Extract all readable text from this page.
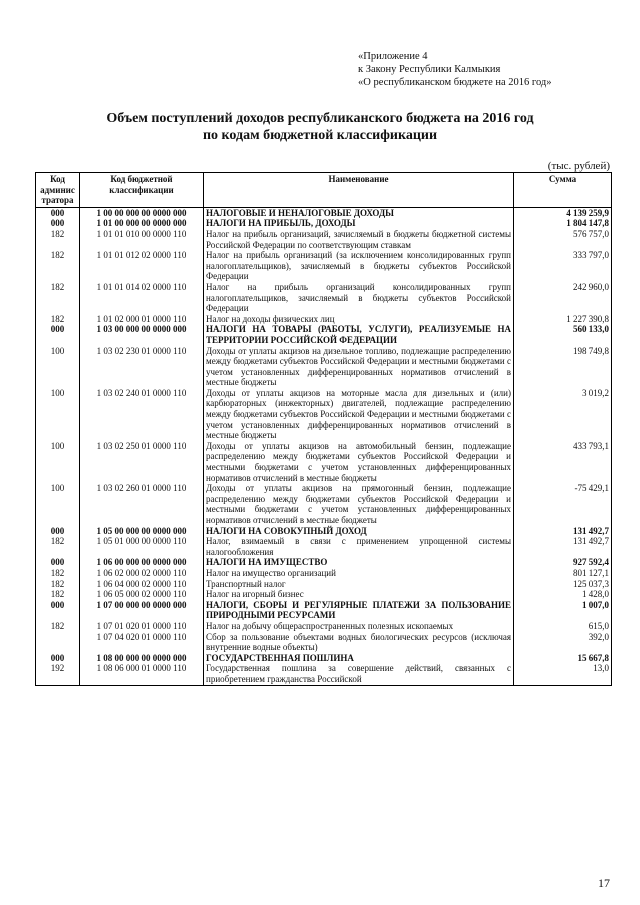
«Приложение 4
к Закону Республики Калмыкия
«О республиканском бюджете на 2016 год»
Объем поступлений доходов республиканского бюджета на 2016 год
по кодам бюджетной классификации
(тыс. рублей)
Код админис тратора	Код бюджетной классификации	Наименование	Сумма
000	1 00 00 000 00 0000 000	НАЛОГОВЫЕ И НЕНАЛОГОВЫЕ ДОХОДЫ	4 139 259,9
000	1 01 00 000 00 0000 000	НАЛОГИ НА ПРИБЫЛЬ, ДОХОДЫ	1 804 147,8
182	1 01 01 010 00 0000 110	Налог на прибыль организаций, зачисляемый в бюджеты бюджетной системы Российской Федерации по соответствующим ставкам	576 757,0
182	1 01 01 012 02 0000 110	Налог на прибыль организаций (за исключением консолидированных групп налогоплательщиков), зачисляемый в бюджеты субъектов Российской Федерации	333 797,0
182	1 01 01 014 02 0000 110	Налог на прибыль организаций консолидированных групп налогоплательщиков, зачисляемый в бюджеты субъектов Российской Федерации	242 960,0
182	1 01 02 000 01 0000 110	Налог на доходы физических лиц	1 227 390,8
000	1 03 00 000 00 0000 000	НАЛОГИ НА ТОВАРЫ (РАБОТЫ, УСЛУГИ), РЕАЛИЗУЕМЫЕ НА ТЕРРИТОРИИ РОССИЙСКОЙ ФЕДЕРАЦИИ	560 133,0
100	1 03 02 230 01 0000 110	Доходы от уплаты акцизов на дизельное топливо, подлежащие распределению между бюджетами субъектов Российской Федерации и местными бюджетами с учетом установленных дифференцированных нормативов отчислений в местные бюджеты	198 749,8
100	1 03 02 240 01 0000 110	Доходы от уплаты акцизов на моторные масла для дизельных и (или) карбюраторных (инжекторных) двигателей, подлежащие распределению между бюджетами субъектов Российской Федерации и местными бюджетами с учетом установленных дифференцированных нормативов отчислений в местные бюджеты	3 019,2
100	1 03 02 250 01 0000 110	Доходы от уплаты акцизов на автомобильный бензин, подлежащие распределению между бюджетами субъектов Российской Федерации и местными бюджетами с учетом установленных дифференцированных нормативов отчислений в местные бюджеты	433 793,1
100	1 03 02 260 01 0000 110	Доходы от уплаты акцизов на прямогонный бензин, подлежащие распределению между бюджетами субъектов Российской Федерации и местными бюджетами с учетом установленных дифференцированных нормативов отчислений в местные бюджеты	-75 429,1
000	1 05 00 000 00 0000 000	НАЛОГИ НА СОВОКУПНЫЙ ДОХОД	131 492,7
182	1 05 01 000 00 0000 110	Налог, взимаемый в связи с применением упрощенной системы налогообложения	131 492,7
000	1 06 00 000 00 0000 000	НАЛОГИ НА ИМУЩЕСТВО	927 592,4
182	1 06 02 000 02 0000 110	Налог на имущество организаций	801 127,1
182	1 06 04 000 02 0000 110	Транспортный налог	125 037,3
182	1 06 05 000 02 0000 110	Налог на игорный бизнес	1 428,0
000	1 07 00 000 00 0000 000	НАЛОГИ, СБОРЫ И РЕГУЛЯРНЫЕ ПЛАТЕЖИ ЗА ПОЛЬЗОВАНИЕ ПРИРОДНЫМИ РЕСУРСАМИ	1 007,0
182	1 07 01 020 01 0000 110	Налог на добычу общераспространенных полезных ископаемых	615,0
	1 07 04 020 01 0000 110	Сбор за пользование объектами водных биологических ресурсов (исключая внутренние водные объекты)	392,0
000	1 08 00 000 00 0000 000	ГОСУДАРСТВЕННАЯ ПОШЛИНА	15 667,8
192	1 08 06 000 01 0000 110	Государственная пошлина за совершение действий, связанных с приобретением гражданства Российской	13,0
17
